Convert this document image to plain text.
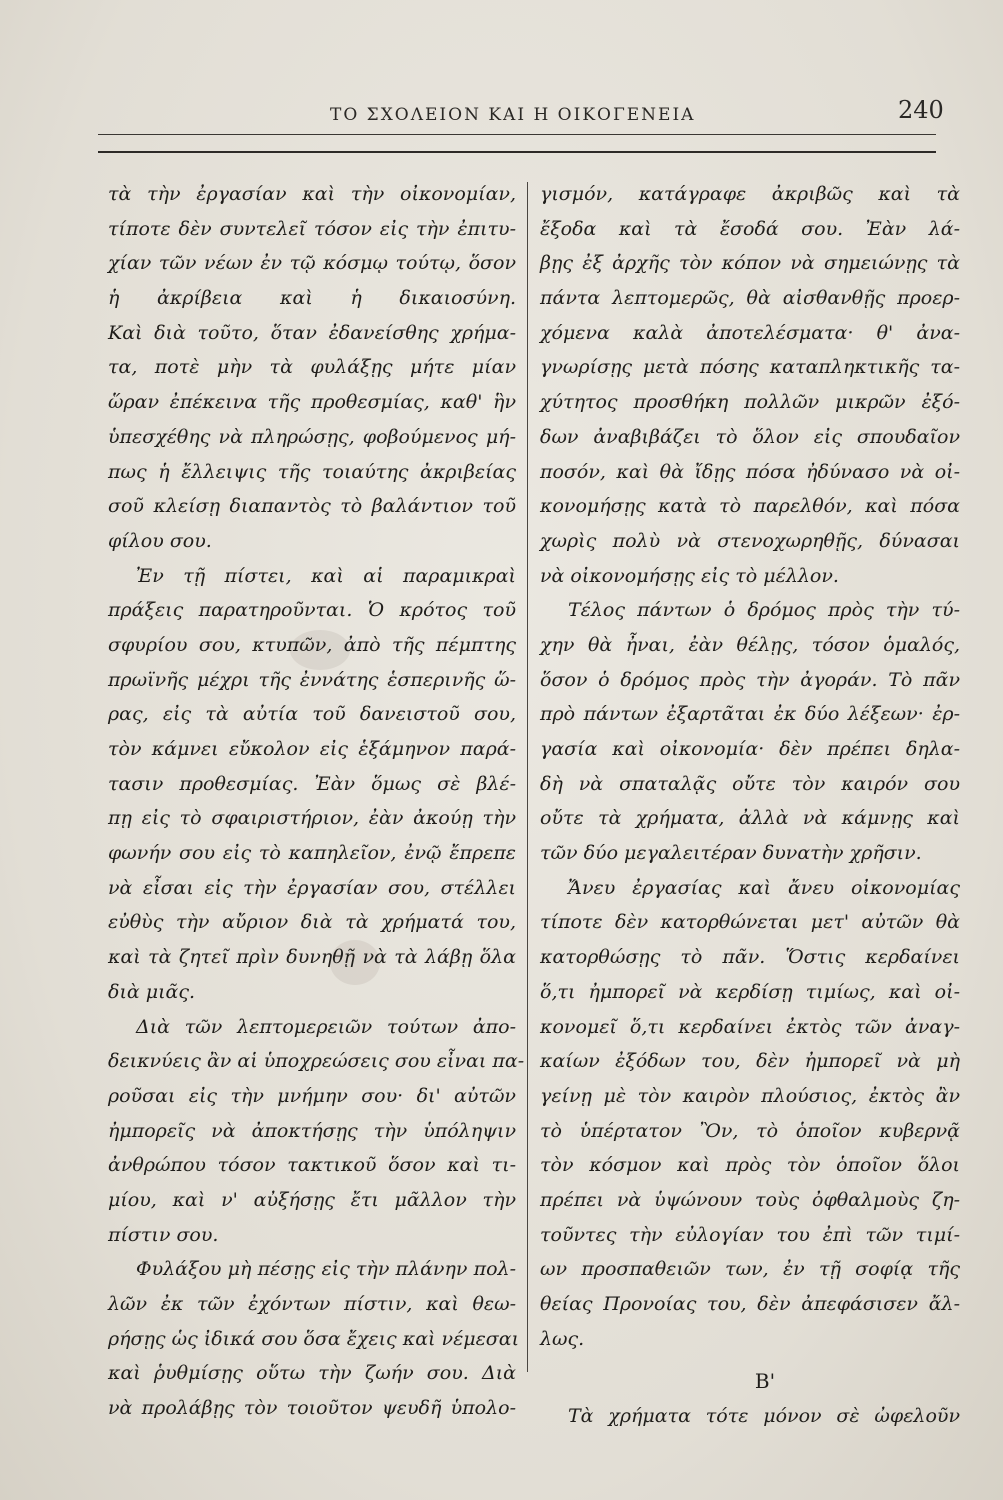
ΤΟ ΣΧΟΛΕΙΟΝ ΚΑΙ Η ΟΙΚΟΓΕΝΕΙΑ	240
τὰ τὴν ἐργασίαν καὶ τὴν οἰκονομίαν,
τίποτε δὲν συντελεῖ τόσον εἰς τὴν ἐπιτυ-
χίαν τῶν νέων ἐν τῷ κόσμῳ τούτῳ, ὅσον
ἡ ἀκρίβεια καὶ ἡ δικαιοσύνη.
Καὶ διὰ τοῦτο, ὅταν ἐδανείσθης χρήμα-
τα, ποτὲ μὴν τὰ φυλάξῃς μήτε μίαν
ὥραν ἐπέκεινα τῆς προθεσμίας, καθ' ἣν
ὑπεσχέθης νὰ πληρώσῃς, φοβούμενος μή-
πως ἡ ἔλλειψις τῆς τοιαύτης ἀκριβείας
σοῦ κλείσῃ διαπαντὸς τὸ βαλάντιον τοῦ
φίλου σου.
Ἐν τῇ πίστει, καὶ αἱ παραμικραὶ
πράξεις παρατηροῦνται. Ὁ κρότος τοῦ
σφυρίου σου, κτυπῶν, ἀπὸ τῆς πέμπτης
πρωϊνῆς μέχρι τῆς ἐννάτης ἑσπερινῆς ὥ-
ρας, εἰς τὰ αὐτία τοῦ δανειστοῦ σου,
τὸν κάμνει εὔκολον εἰς ἑξάμηνον παρά-
τασιν προθεσμίας. Ἐὰν ὅμως σὲ βλέ-
πῃ εἰς τὸ σφαιριστήριον, ἐὰν ἀκούῃ τὴν
φωνήν σου εἰς τὸ καπηλεῖον, ἐνῷ ἔπρεπε
νὰ εἶσαι εἰς τὴν ἐργασίαν σου, στέλλει
εὐθὺς τὴν αὔριον διὰ τὰ χρήματά του,
καὶ τὰ ζητεῖ πρὶν δυνηθῇ νὰ τὰ λάβῃ ὅλα
διὰ μιᾶς.
Διὰ τῶν λεπτομερειῶν τούτων ἀπο-
δεικνύεις ἂν αἱ ὑποχρεώσεις σου εἶναι πα-
ροῦσαι εἰς τὴν μνήμην σου· δι' αὐτῶν
ἠμπορεῖς νὰ ἀποκτήσῃς τὴν ὑπόληψιν
ἀνθρώπου τόσον τακτικοῦ ὅσον καὶ τι-
μίου, καὶ ν' αὐξήσῃς ἔτι μᾶλλον τὴν
πίστιν σου.
Φυλάξου μὴ πέσῃς εἰς τὴν πλάνην πολ-
λῶν ἐκ τῶν ἐχόντων πίστιν, καὶ θεω-
ρήσῃς ὡς ἰδικά σου ὅσα ἔχεις καὶ νέμεσαι
καὶ ῥυθμίσῃς οὕτω τὴν ζωήν σου. Διὰ
νὰ προλάβῃς τὸν τοιοῦτον ψευδῆ ὑπολο-
γισμόν, κατάγραφε ἀκριβῶς καὶ τὰ
ἔξοδα καὶ τὰ ἔσοδά σου. Ἐὰν λά-
βῃς ἐξ ἀρχῆς τὸν κόπον νὰ σημειώνῃς τὰ
πάντα λεπτομερῶς, θὰ αἰσθανθῇς προερ-
χόμενα καλὰ ἀποτελέσματα· θ' ἀνα-
γνωρίσῃς μετὰ πόσης καταπληκτικῆς τα-
χύτητος προσθήκη πολλῶν μικρῶν ἐξό-
δων ἀναβιβάζει τὸ ὅλον εἰς σπουδαῖον
ποσόν, καὶ θὰ ἴδῃς πόσα ἠδύνασο νὰ οἰ-
κονομήσῃς κατὰ τὸ παρελθόν, καὶ πόσα
χωρὶς πολὺ νὰ στενοχωρηθῇς, δύνασαι
νὰ οἰκονομήσῃς εἰς τὸ μέλλον.
Τέλος πάντων ὁ δρόμος πρὸς τὴν τύ-
χην θὰ ἦναι, ἐὰν θέλῃς, τόσον ὁμαλός,
ὅσον ὁ δρόμος πρὸς τὴν ἀγοράν. Τὸ πᾶν
πρὸ πάντων ἐξαρτᾶται ἐκ δύο λέξεων· ἐρ-
γασία καὶ οἰκονομία· δὲν πρέπει δηλα-
δὴ νὰ σπαταλᾷς οὔτε τὸν καιρόν σου
οὔτε τὰ χρήματα, ἀλλὰ νὰ κάμνῃς καὶ
τῶν δύο μεγαλειτέραν δυνατὴν χρῆσιν.
Ἄνευ ἐργασίας καὶ ἄνευ οἰκονομίας
τίποτε δὲν κατορθώνεται μετ' αὐτῶν θὰ
κατορθώσῃς τὸ πᾶν. Ὅστις κερδαίνει
ὅ,τι ἠμπορεῖ νὰ κερδίσῃ τιμίως, καὶ οἰ-
κονομεῖ ὅ,τι κερδαίνει ἐκτὸς τῶν ἀναγ-
καίων ἐξόδων του, δὲν ἠμπορεῖ νὰ μὴ
γείνῃ μὲ τὸν καιρὸν πλούσιος, ἐκτὸς ἂν
τὸ ὑπέρτατον Ὂν, τὸ ὁποῖον κυβερνᾷ
τὸν κόσμον καὶ πρὸς τὸν ὁποῖον ὅλοι
πρέπει νὰ ὑψώνουν τοὺς ὀφθαλμοὺς ζη-
τοῦντες τὴν εὐλογίαν του ἐπὶ τῶν τιμί-
ων προσπαθειῶν των, ἐν τῇ σοφίᾳ τῆς
θείας Προνοίας του, δὲν ἀπεφάσισεν ἄλ-
λως.
Β'
Τὰ χρήματα τότε μόνον σὲ ὠφελοῦν
